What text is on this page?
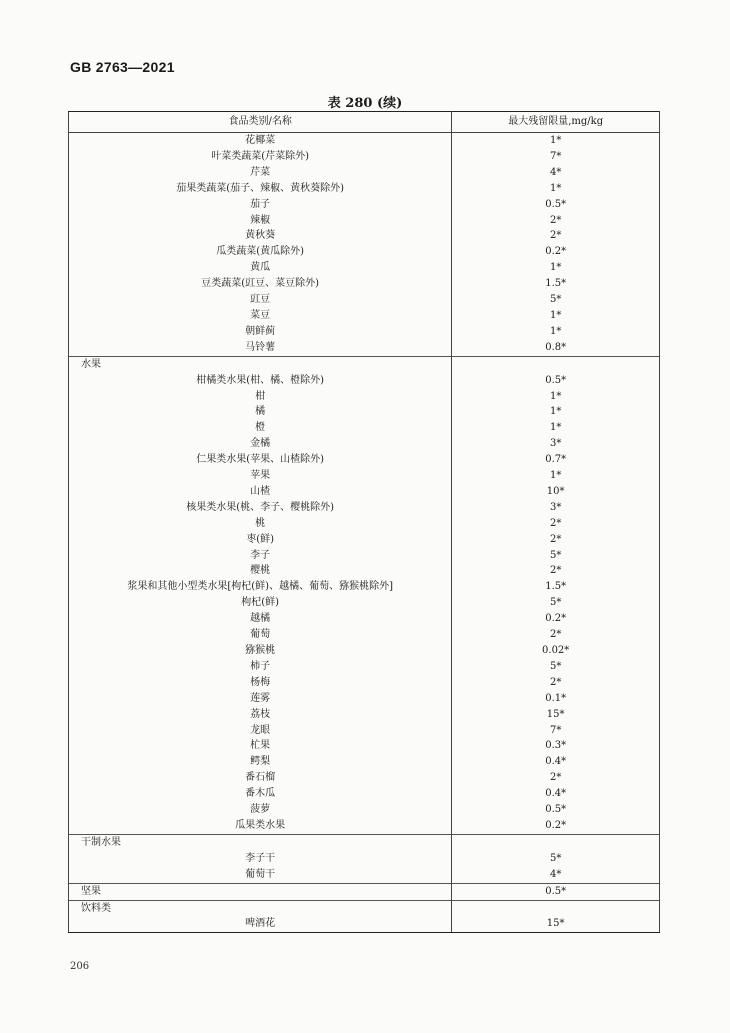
GB 2763—2021
表 280 (续)
食品类别/名称	最大残留限量,mg/kg
花椰菜	1*
叶菜类蔬菜(芹菜除外)	7*
芹菜	4*
茄果类蔬菜(茄子、辣椒、黄秋葵除外)	1*
茄子	0.5*
辣椒	2*
黄秋葵	2*
瓜类蔬菜(黄瓜除外)	0.2*
黄瓜	1*
豆类蔬菜(豇豆、菜豆除外)	1.5*
豇豆	5*
菜豆	1*
朝鲜蓟	1*
马铃薯	0.8*
水果	
柑橘类水果(柑、橘、橙除外)	0.5*
柑	1*
橘	1*
橙	1*
金橘	3*
仁果类水果(苹果、山楂除外)	0.7*
苹果	1*
山楂	10*
核果类水果(桃、李子、樱桃除外)	3*
桃	2*
枣(鲜)	2*
李子	5*
樱桃	2*
浆果和其他小型类水果[枸杞(鲜)、越橘、葡萄、猕猴桃除外]	1.5*
枸杞(鲜)	5*
越橘	0.2*
葡萄	2*
猕猴桃	0.02*
柿子	5*
杨梅	2*
莲雾	0.1*
荔枝	15*
龙眼	7*
杧果	0.3*
鳄梨	0.4*
番石榴	2*
番木瓜	0.4*
菠萝	0.5*
瓜果类水果	0.2*
干制水果	
李子干	5*
葡萄干	4*
坚果	0.5*
饮料类	
啤酒花	15*
206
